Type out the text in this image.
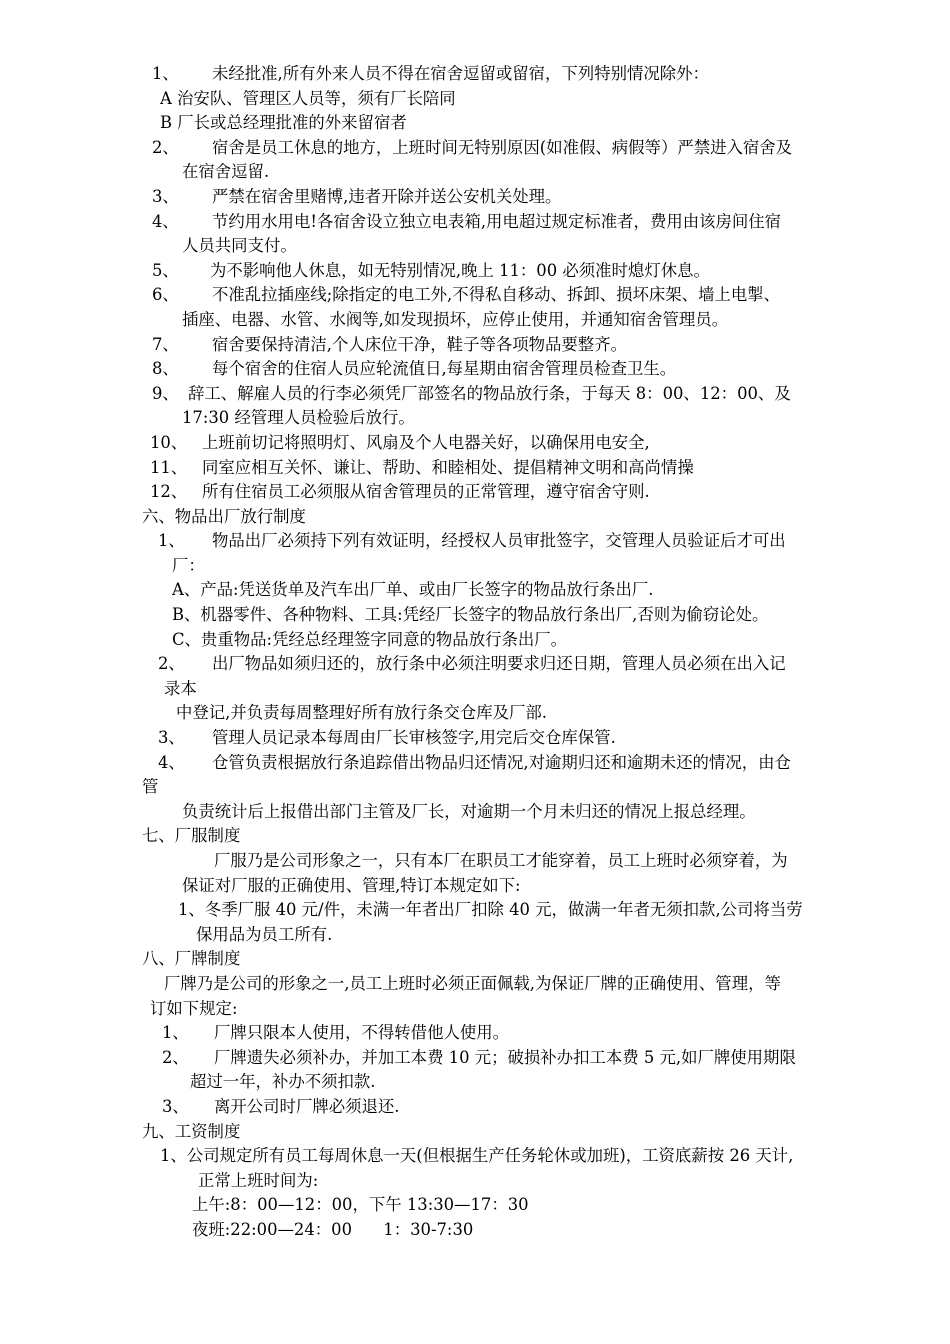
1、 未经批准,所有外来人员不得在宿舍逗留或留宿，下列特别情况除外：
A 治安队、管理区人员等，须有厂长陪同
B 厂长或总经理批准的外来留宿者
2、 宿舍是员工休息的地方，上班时间无特别原因(如准假、病假等）严禁进入宿舍及
在宿舍逗留.
3、 严禁在宿舍里赌博,违者开除并送公安机关处理。
4、 节约用水用电!各宿舍设立独立电表箱,用电超过规定标准者，费用由该房间住宿
人员共同支付。
5、 为不影响他人休息，如无特别情况,晚上 11：00 必须准时熄灯休息。
6、 不准乱拉插座线;除指定的电工外,不得私自移动、拆卸、损坏床架、墙上电掣、
插座、电器、水管、水阀等,如发现损坏，应停止使用，并通知宿舍管理员。
7、 宿舍要保持清洁,个人床位干净，鞋子等各项物品要整齐。
8、 每个宿舍的住宿人员应轮流值日,每星期由宿舍管理员检查卫生。
9、 辞工、解雇人员的行李必须凭厂部签名的物品放行条，于每天 8：00、12：00、及
17:30 经管理人员检验后放行。
10、 上班前切记将照明灯、风扇及个人电器关好，以确保用电安全,
11、 同室应相互关怀、谦让、帮助、和睦相处、提倡精神文明和高尚情操
12、 所有住宿员工必须服从宿舍管理员的正常管理，遵守宿舍守则.
六、物品出厂放行制度
1、 物品出厂必须持下列有效证明，经授权人员审批签字，交管理人员验证后才可出
厂：
A、产品:凭送货单及汽车出厂单、或由厂长签字的物品放行条出厂.
B、机器零件、各种物料、工具:凭经厂长签字的物品放行条出厂,否则为偷窃论处。
C、贵重物品:凭经总经理签字同意的物品放行条出厂。
2、 出厂物品如须归还的，放行条中必须注明要求归还日期，管理人员必须在出入记
录本
中登记,并负责每周整理好所有放行条交仓库及厂部.
3、 管理人员记录本每周由厂长审核签字,用完后交仓库保管.
4、 仓管负责根据放行条追踪借出物品归还情况,对逾期归还和逾期未还的情况，由仓
管
负责统计后上报借出部门主管及厂长，对逾期一个月未归还的情况上报总经理。
七、厂服制度
厂服乃是公司形象之一，只有本厂在职员工才能穿着，员工上班时必须穿着，为
保证对厂服的正确使用、管理,特订本规定如下:
1、冬季厂服 40 元/件，未满一年者出厂扣除 40 元，做满一年者无须扣款,公司将当劳
保用品为员工所有.
八、厂牌制度
厂牌乃是公司的形象之一,员工上班时必须正面佩载,为保证厂牌的正确使用、管理，等
订如下规定:
1、 厂牌只限本人使用，不得转借他人使用。
2、 厂牌遗失必须补办，并加工本费 10 元；破损补办扣工本费 5 元,如厂牌使用期限
超过一年，补办不须扣款.
3、 离开公司时厂牌必须退还.
九、工资制度
1、公司规定所有员工每周休息一天(但根据生产任务轮休或加班)，工资底薪按 26 天计,
正常上班时间为:
上午:8：00—12：00，下午 13:30—17：30
夜班:22:00—24：00      1：30-7:30
